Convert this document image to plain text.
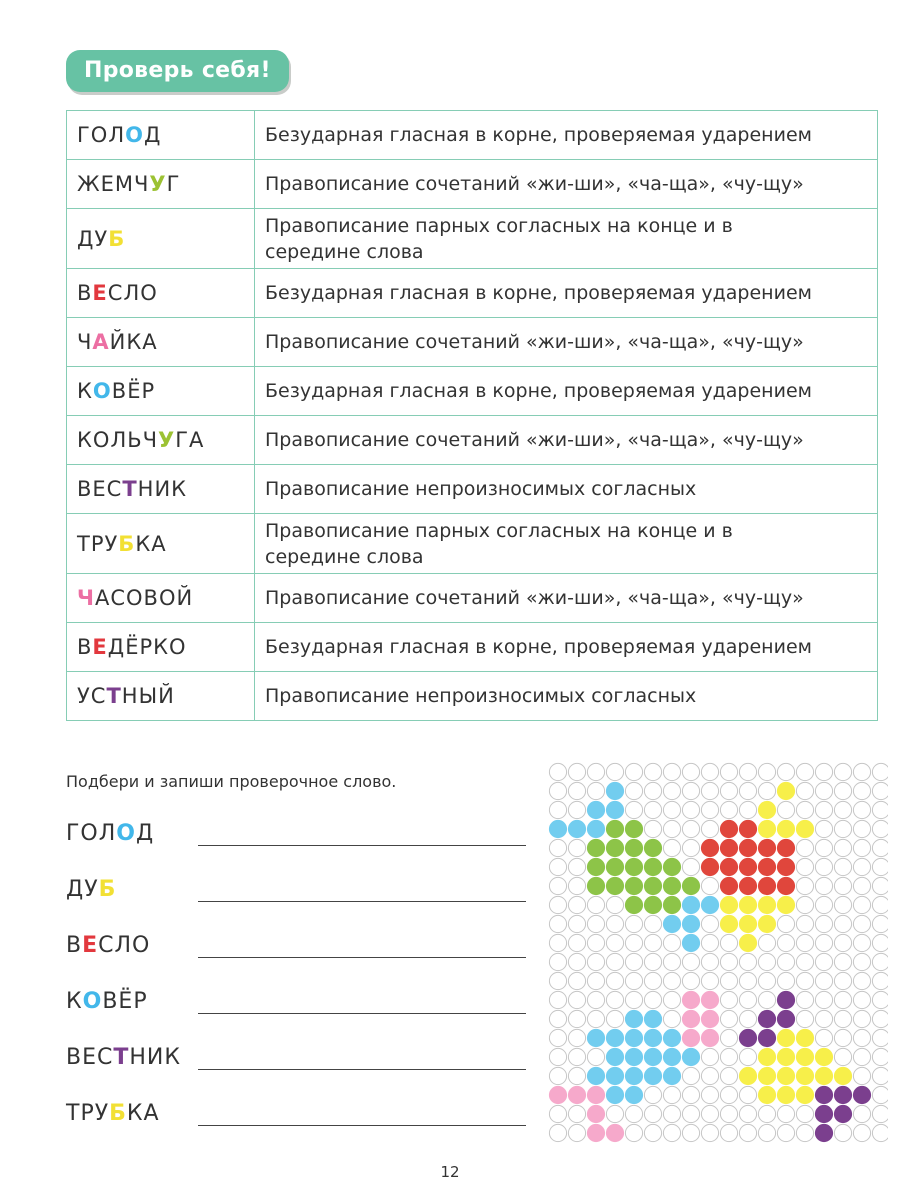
Проверь себя!
ГОЛОД	Безударная гласная в корне, проверяемая ударением
ЖЕМЧУГ	Правописание сочетаний «жи-ши», «ча-ща», «чу-щу»
ДУБ	Правописание парных согласных на конце и в середине слова
ВЕСЛО	Безударная гласная в корне, проверяемая ударением
ЧАЙКА	Правописание сочетаний «жи-ши», «ча-ща», «чу-щу»
КОВЁР	Безударная гласная в корне, проверяемая ударением
КОЛЬЧУГА	Правописание сочетаний «жи-ши», «ча-ща», «чу-щу»
ВЕСТНИК	Правописание непроизносимых согласных
ТРУБКА	Правописание парных согласных на конце и в середине слова
ЧАСОВОЙ	Правописание сочетаний «жи-ши», «ча-ща», «чу-щу»
ВЕДЁРКО	Безударная гласная в корне, проверяемая ударением
УСТНЫЙ	Правописание непроизносимых согласных
Подбери и запиши проверочное слово.
ГОЛОД
ДУБ
ВЕСЛО
КОВЁР
ВЕСТНИК
ТРУБКА
12
